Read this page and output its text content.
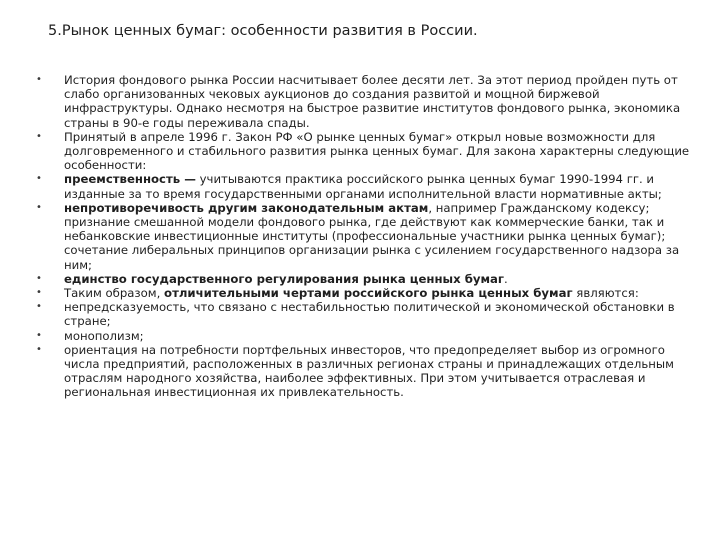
5.Рынок ценных бумаг: особенности развития в России.
• История фондового рынка России насчитывает более десяти лет. За этот период пройден путь от слабо организованных чековых аукционов до создания развитой и мощной биржевой инфраструктуры. Однако несмотря на быстрое развитие институтов фондового рынка, экономика страны в 90-е годы переживала спады.
• Принятый в апреле 1996 г. Закон РФ «О рынке ценных бумаг» открыл новые возможности для долговременного и стабильного развития рынка ценных бумаг. Для закона характерны следующие особенности:
• преемственность — учитываются практика российского рынка ценных бумаг 1990-1994 гг. и изданные за то время государственными органами исполнительной власти нормативные акты;
• непротиворечивость другим законодательным актам, например Гражданскому кодексу; признание смешанной модели фондового рынка, где действуют как коммерческие банки, так и небанковские инвестиционные институты (профессиональные участники рынка ценных бумаг); сочетание либеральных принципов организации рынка с усилением государственного надзора за ним;
• единство государственного регулирования рынка ценных бумаг.
• Таким образом, отличительными чертами российского рынка ценных бумаг являются:
• непредсказуемость, что связано с нестабильностью политической и экономической обстановки в стране;
• монополизм;
• ориентация на потребности портфельных инвесторов, что предопределяет выбор из огромного числа предприятий, расположенных в различных регионах страны и принадлежащих отдельным отраслям народного хозяйства, наиболее эффективных. При этом учитывается отраслевая и региональная инвестиционная их привлекательность.
